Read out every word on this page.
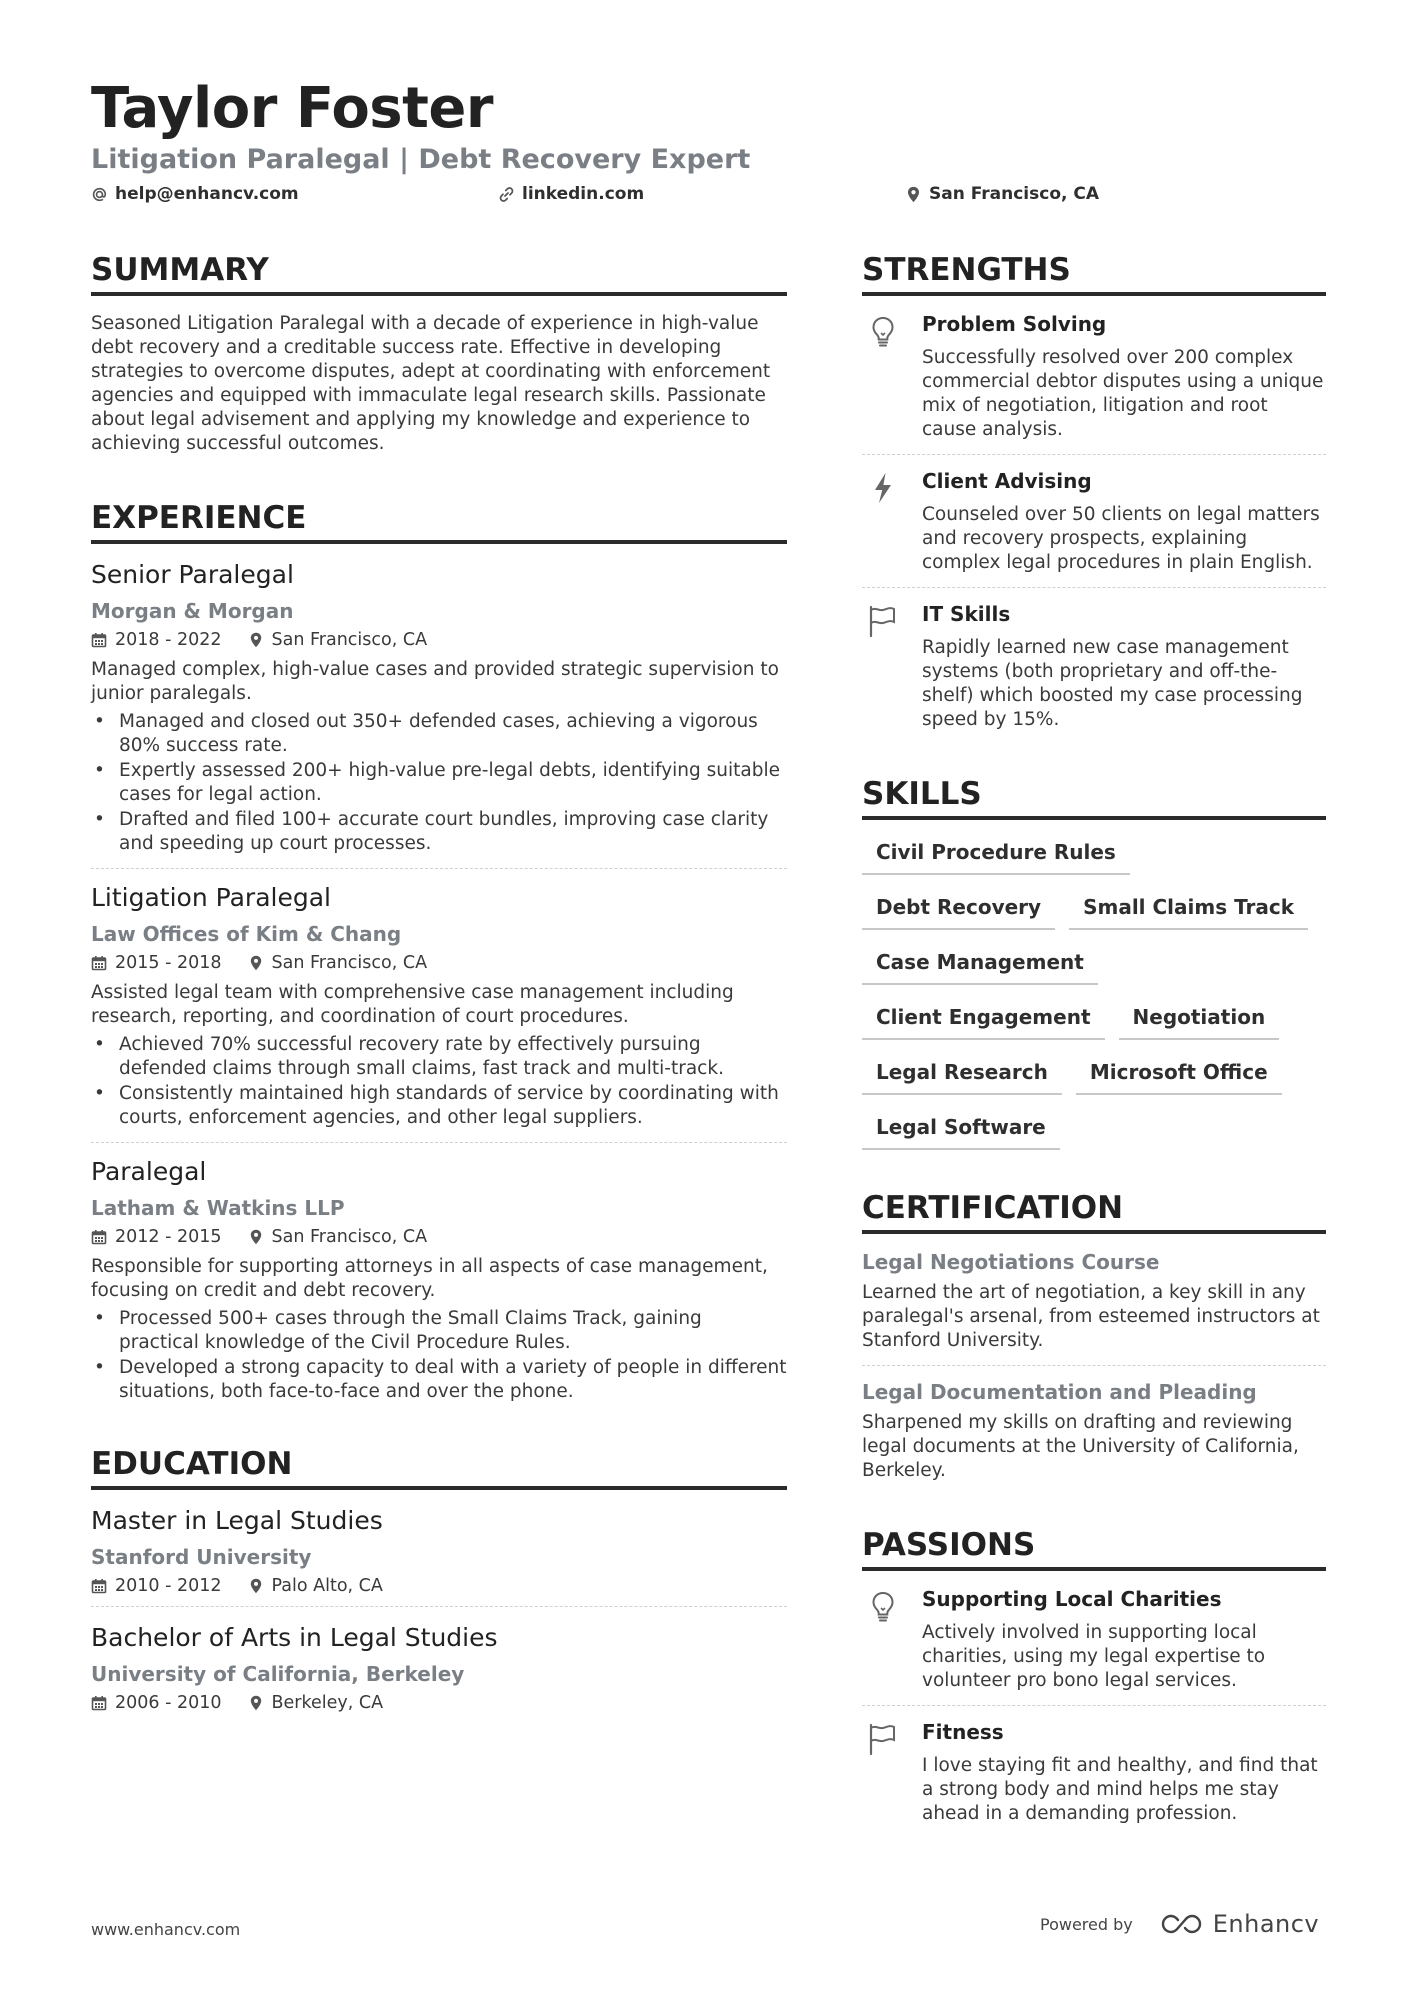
Taylor Foster
Litigation Paralegal | Debt Recovery Expert
help@enhancv.com	linkedin.com	San Francisco, CA
SUMMARY
Seasoned Litigation Paralegal with a decade of experience in high-value debt recovery and a creditable success rate. Effective in developing strategies to overcome disputes, adept at coordinating with enforcement agencies and equipped with immaculate legal research skills. Passionate about legal advisement and applying my knowledge and experience to achieving successful outcomes.
EXPERIENCE
Senior Paralegal
Morgan & Morgan
2018 - 2022	San Francisco, CA
Managed complex, high-value cases and provided strategic supervision to junior paralegals.
• Managed and closed out 350+ defended cases, achieving a vigorous 80% success rate.
• Expertly assessed 200+ high-value pre-legal debts, identifying suitable cases for legal action.
• Drafted and filed 100+ accurate court bundles, improving case clarity and speeding up court processes.
Litigation Paralegal
Law Offices of Kim & Chang
2015 - 2018	San Francisco, CA
Assisted legal team with comprehensive case management including research, reporting, and coordination of court procedures.
• Achieved 70% successful recovery rate by effectively pursuing defended claims through small claims, fast track and multi-track.
• Consistently maintained high standards of service by coordinating with courts, enforcement agencies, and other legal suppliers.
Paralegal
Latham & Watkins LLP
2012 - 2015	San Francisco, CA
Responsible for supporting attorneys in all aspects of case management, focusing on credit and debt recovery.
• Processed 500+ cases through the Small Claims Track, gaining practical knowledge of the Civil Procedure Rules.
• Developed a strong capacity to deal with a variety of people in different situations, both face-to-face and over the phone.
EDUCATION
Master in Legal Studies
Stanford University
2010 - 2012	Palo Alto, CA
Bachelor of Arts in Legal Studies
University of California, Berkeley
2006 - 2010	Berkeley, CA
STRENGTHS
Problem Solving
Successfully resolved over 200 complex commercial debtor disputes using a unique mix of negotiation, litigation and root cause analysis.
Client Advising
Counseled over 50 clients on legal matters and recovery prospects, explaining complex legal procedures in plain English.
IT Skills
Rapidly learned new case management systems (both proprietary and off-the-shelf) which boosted my case processing speed by 15%.
SKILLS
Civil Procedure Rules
Debt Recovery	Small Claims Track
Case Management
Client Engagement	Negotiation
Legal Research	Microsoft Office
Legal Software
CERTIFICATION
Legal Negotiations Course
Learned the art of negotiation, a key skill in any paralegal's arsenal, from esteemed instructors at Stanford University.
Legal Documentation and Pleading
Sharpened my skills on drafting and reviewing legal documents at the University of California, Berkeley.
PASSIONS
Supporting Local Charities
Actively involved in supporting local charities, using my legal expertise to volunteer pro bono legal services.
Fitness
I love staying fit and healthy, and find that a strong body and mind helps me stay ahead in a demanding profession.
www.enhancv.com	Powered by	Enhancv
